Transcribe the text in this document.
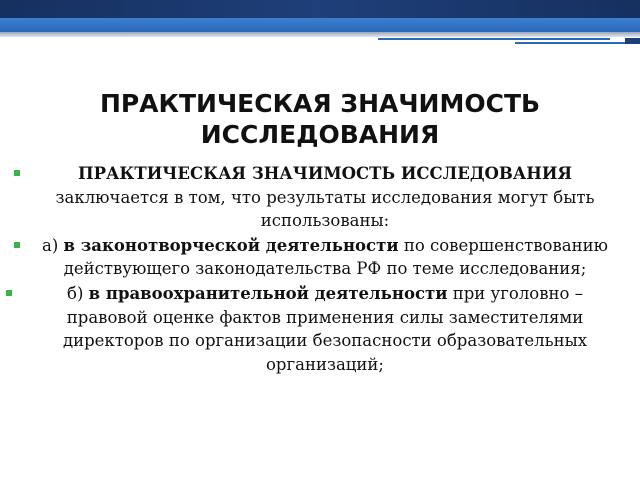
ПРАКТИЧЕСКАЯ ЗНАЧИМОСТЬ ИССЛЕДОВАНИЯ
ПРАКТИЧЕСКАЯ ЗНАЧИМОСТЬ ИССЛЕДОВАНИЯ заключается в том, что результаты исследования могут быть использованы:
а) в законотворческой деятельности по совершенствованию действующего законодательства РФ по теме исследования;
б) в правоохранительной деятельности при уголовно – правовой оценке фактов применения силы заместителями директоров по организации безопасности образовательных организаций;
